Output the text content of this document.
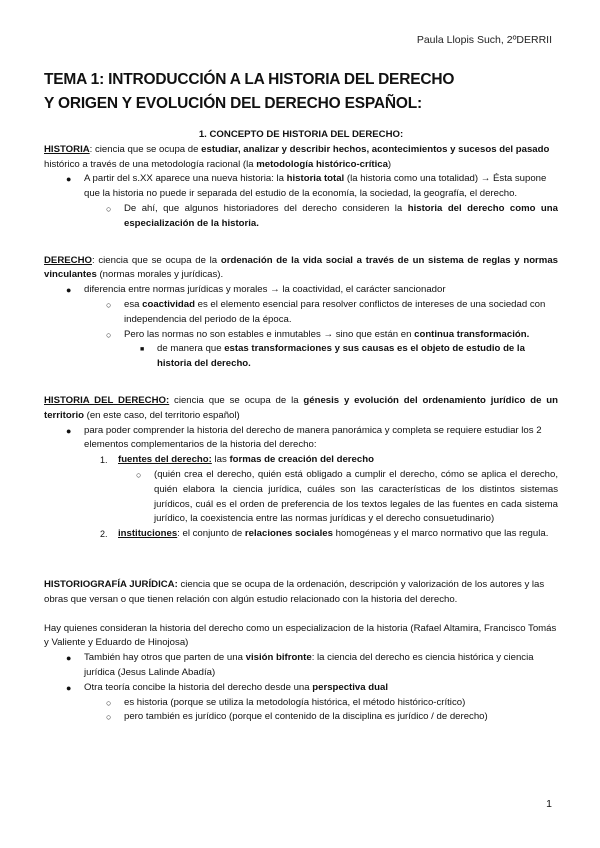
Paula Llopis Such, 2ºDERRII
TEMA 1: INTRODUCCIÓN A LA HISTORIA DEL DERECHO
Y ORIGEN Y EVOLUCIÓN DEL DERECHO ESPAÑOL:

1. CONCEPTO DE HISTORIA DEL DERECHO:

HISTORIA: ciencia que se ocupa de estudiar, analizar y describir hechos, acontecimientos y sucesos del pasado histórico a través de una metodología racional (la metodología histórico-crítica)

● A partir del s.XX aparece una nueva historia: la historia total (la historia como una totalidad) → Ésta supone que la historia no puede ir separada del estudio de la economía, la sociedad, la geografía, el derecho.
○ De ahí, que algunos historiadores del derecho consideren la historia del derecho como una especialización de la historia.

DERECHO: ciencia que se ocupa de la ordenación de la vida social a través de un sistema de reglas y normas vinculantes (normas morales y jurídicas).

● diferencia entre normas jurídicas y morales → la coactividad, el carácter sancionador
○ esa coactividad es el elemento esencial para resolver conflictos de intereses de una sociedad con independencia del periodo de la época.
○ Pero las normas no son estables e inmutables → sino que están en continua transformación.
■ de manera que estas transformaciones y sus causas es el objeto de estudio de la historia del derecho.

HISTORIA DEL DERECHO: ciencia que se ocupa de la génesis y evolución del ordenamiento jurídico de un territorio (en este caso, del territorio español)

● para poder comprender la historia del derecho de manera panorámica y completa se requiere estudiar los 2 elementos complementarios de la historia del derecho:
1. fuentes del derecho: las formas de creación del derecho
○ (quién crea el derecho, quién está obligado a cumplir el derecho, cómo se aplica el derecho, quién elabora la ciencia jurídica, cuáles son las características de los distintos sistemas jurídicos, cuál es el orden de preferencia de los textos legales de las fuentes en cada sistema jurídico, la coexistencia entre las normas jurídicas y el derecho consuetudinario)
2. instituciones: el conjunto de relaciones sociales homogéneas y el marco normativo que las regula.

HISTORIOGRAFÍA JURÍDICA: ciencia que se ocupa de la ordenación, descripción y valorización de los autores y las obras que versan o que tienen relación con algún estudio relacionado con la historia del derecho.

Hay quienes consideran la historia del derecho como un especializacion de la historia (Rafael Altamira, Francisco Tomás y Valiente y Eduardo de Hinojosa)

● También hay otros que parten de una visión bifronte: la ciencia del derecho es ciencia histórica y ciencia jurídica (Jesus Lalinde Abadía)
● Otra teoría concibe la historia del derecho desde una perspectiva dual
○ es historia (porque se utiliza la metodología histórica, el método histórico-crítico)
○ pero también es jurídico (porque el contenido de la disciplina es jurídico / de derecho)
1
